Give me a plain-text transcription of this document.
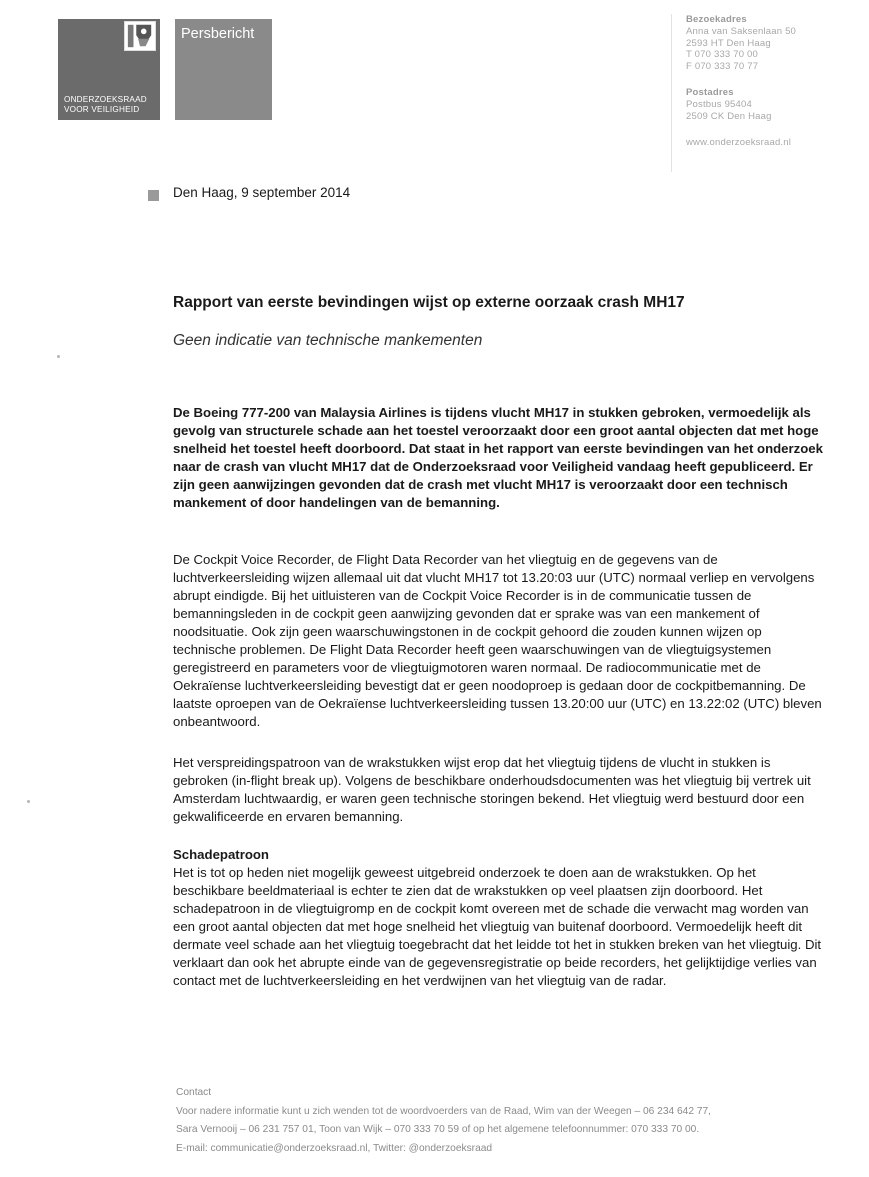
ONDERZOEKSRAAD
VOOR VEILIGHEID
Persbericht
Bezoekadres
Anna van Saksenlaan 50
2593 HT Den Haag
T 070 333 70 00
F 070 333 70 77
Postadres
Postbus 95404
2509 CK Den Haag
www.onderzoeksraad.nl
Den Haag, 9 september 2014
Rapport van eerste bevindingen wijst op externe oorzaak crash MH17
Geen indicatie van technische mankementen
De Boeing 777-200 van Malaysia Airlines is tijdens vlucht MH17 in stukken gebroken, vermoedelijk als gevolg van structurele schade aan het toestel veroorzaakt door een groot aantal objecten dat met hoge snelheid het toestel heeft doorboord. Dat staat in het rapport van eerste bevindingen van het onderzoek naar de crash van vlucht MH17 dat de Onderzoeksraad voor Veiligheid vandaag heeft gepubliceerd. Er zijn geen aanwijzingen gevonden dat de crash met vlucht MH17 is veroorzaakt door een technisch mankement of door handelingen van de bemanning.
De Cockpit Voice Recorder, de Flight Data Recorder van het vliegtuig en de gegevens van de luchtverkeersleiding wijzen allemaal uit dat vlucht MH17 tot 13.20:03 uur (UTC) normaal verliep en vervolgens abrupt eindigde. Bij het uitluisteren van de Cockpit Voice Recorder is in de communicatie tussen de bemanningsleden in de cockpit geen aanwijzing gevonden dat er sprake was van een mankement of noodsituatie. Ook zijn geen waarschuwingstonen in de cockpit gehoord die zouden kunnen wijzen op technische problemen. De Flight Data Recorder heeft geen waarschuwingen van de vliegtuigsystemen geregistreerd en parameters voor de vliegtuigmotoren waren normaal. De radiocommunicatie met de Oekraïense luchtverkeersleiding bevestigt dat er geen noodoproep is gedaan door de cockpitbemanning. De laatste oproepen van de Oekraïense luchtverkeersleiding tussen 13.20:00 uur (UTC) en 13.22:02 (UTC) bleven onbeantwoord.
Het verspreidingspatroon van de wrakstukken wijst erop dat het vliegtuig tijdens de vlucht in stukken is gebroken (in-flight break up). Volgens de beschikbare onderhoudsdocumenten was het vliegtuig bij vertrek uit Amsterdam luchtwaardig, er waren geen technische storingen bekend. Het vliegtuig werd bestuurd door een gekwalificeerde en ervaren bemanning.
Schadepatroon
Het is tot op heden niet mogelijk geweest uitgebreid onderzoek te doen aan de wrakstukken. Op het beschikbare beeldmateriaal is echter te zien dat de wrakstukken op veel plaatsen zijn doorboord. Het schadepatroon in de vliegtuigromp en de cockpit komt overeen met de schade die verwacht mag worden van een groot aantal objecten dat met hoge snelheid het vliegtuig van buitenaf doorboord. Vermoedelijk heeft dit dermate veel schade aan het vliegtuig toegebracht dat het leidde tot het in stukken breken van het vliegtuig. Dit verklaart dan ook het abrupte einde van de gegevensregistratie op beide recorders, het gelijktijdige verlies van contact met de luchtverkeersleiding en het verdwijnen van het vliegtuig van de radar.
Contact
Voor nadere informatie kunt u zich wenden tot de woordvoerders van de Raad, Wim van der Weegen – 06 234 642 77,
Sara Vernooij – 06 231 757 01, Toon van Wijk – 070 333 70 59 of op het algemene telefoonnummer: 070 333 70 00.
E-mail: communicatie@onderzoeksraad.nl, Twitter: @onderzoeksraad
